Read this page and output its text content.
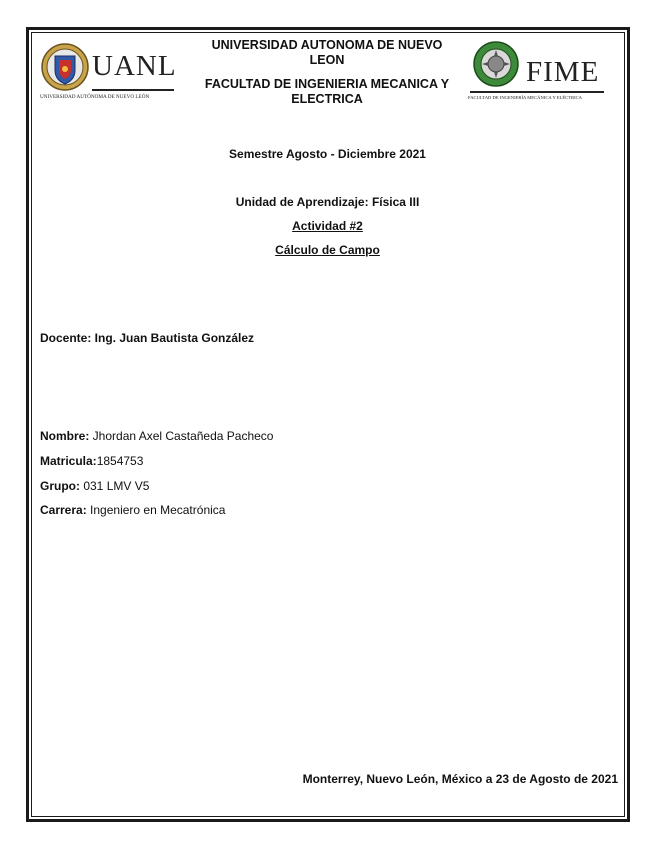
UANL
UNIVERSIDAD AUTÓNOMA DE NUEVO LEÓN
FIME
FACULTAD DE INGENIERÍA MECÁNICA Y ELÉCTRICA
UNIVERSIDAD AUTONOMA DE NUEVO
LEON
FACULTAD DE INGENIERIA MECANICA Y
ELECTRICA
Semestre Agosto - Diciembre 2021
Unidad de Aprendizaje: Física III
Actividad #2
Cálculo de Campo
Docente: Ing. Juan Bautista González
Nombre: Jhordan Axel Castañeda Pacheco
Matricula:1854753
Grupo: 031 LMV V5
Carrera: Ingeniero en Mecatrónica
Monterrey, Nuevo León, México a 23 de Agosto de 2021
